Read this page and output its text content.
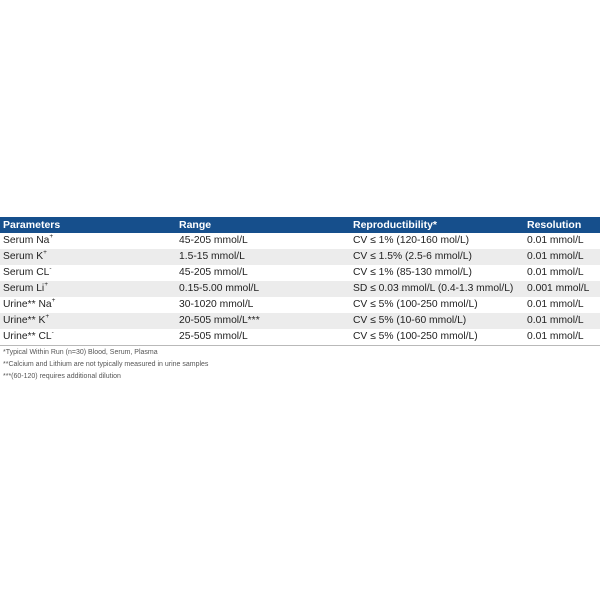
Parameters	Range	Reproductibility*	Resolution
Serum Na+	45-205 mmol/L	CV ≤ 1% (120-160 mol/L)	0.01 mmol/L
Serum K+	1.5-15 mmol/L	CV ≤ 1.5% (2.5-6 mmol/L)	0.01 mmol/L
Serum CL-	45-205 mmol/L	CV ≤ 1% (85-130 mmol/L)	0.01 mmol/L
Serum Li+	0.15-5.00 mmol/L	SD ≤ 0.03 mmol/L (0.4-1.3 mmol/L)	0.001 mmol/L
Urine** Na+	30-1020 mmol/L	CV ≤ 5% (100-250 mmol/L)	0.01 mmol/L
Urine** K+	20-505 mmol/L***	CV ≤ 5% (10-60 mmol/L)	0.01 mmol/L
Urine** CL-	25-505 mmol/L	CV ≤ 5% (100-250 mmol/L)	0.01 mmol/L
*Typical Within Run (n=30) Blood, Serum, Plasma
**Calcium and Lithium are not typically measured in urine samples
***(60-120) requires additional dilution
